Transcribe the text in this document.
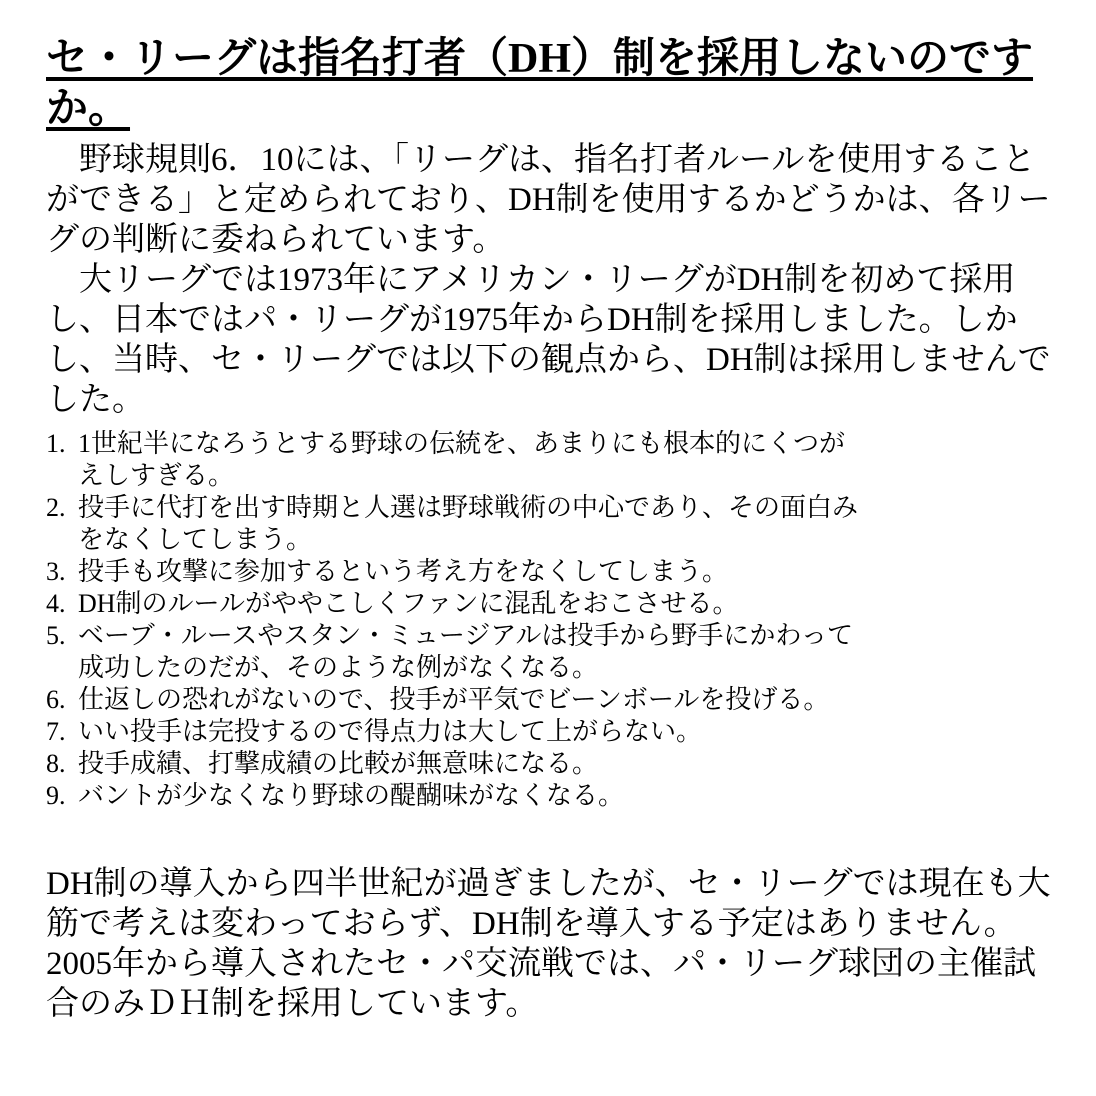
セ・リーグは指名打者（DH）制を採用しないのですか。

野球規則6．10には、「リーグは、指名打者ルールを使用することができる」と定められており、DH制を使用するかどうかは、各リーグの判断に委ねられています。

大リーグでは1973年にアメリカン・リーグがDH制を初めて採用し、日本ではパ・リーグが1975年からDH制を採用しました。しかし、当時、セ・リーグでは以下の観点から、DH制は採用しませんでした。

1. 1世紀半になろうとする野球の伝統を、あまりにも根本的にくつがえしすぎる。
2. 投手に代打を出す時期と人選は野球戦術の中心であり、その面白みをなくしてしまう。
3. 投手も攻撃に参加するという考え方をなくしてしまう。
4. DH制のルールがややこしくファンに混乱をおこさせる。
5. ベーブ・ルースやスタン・ミュージアルは投手から野手にかわって成功したのだが、そのような例がなくなる。
6. 仕返しの恐れがないので、投手が平気でビーンボールを投げる。
7. いい投手は完投するので得点力は大して上がらない。
8. 投手成績、打撃成績の比較が無意味になる。
9. バントが少なくなり野球の醍醐味がなくなる。

DH制の導入から四半世紀が過ぎましたが、セ・リーグでは現在も大筋で考えは変わっておらず、DH制を導入する予定はありません。

2005年から導入されたセ・パ交流戦では、パ・リーグ球団の主催試合のみＤＨ制を採用しています。
